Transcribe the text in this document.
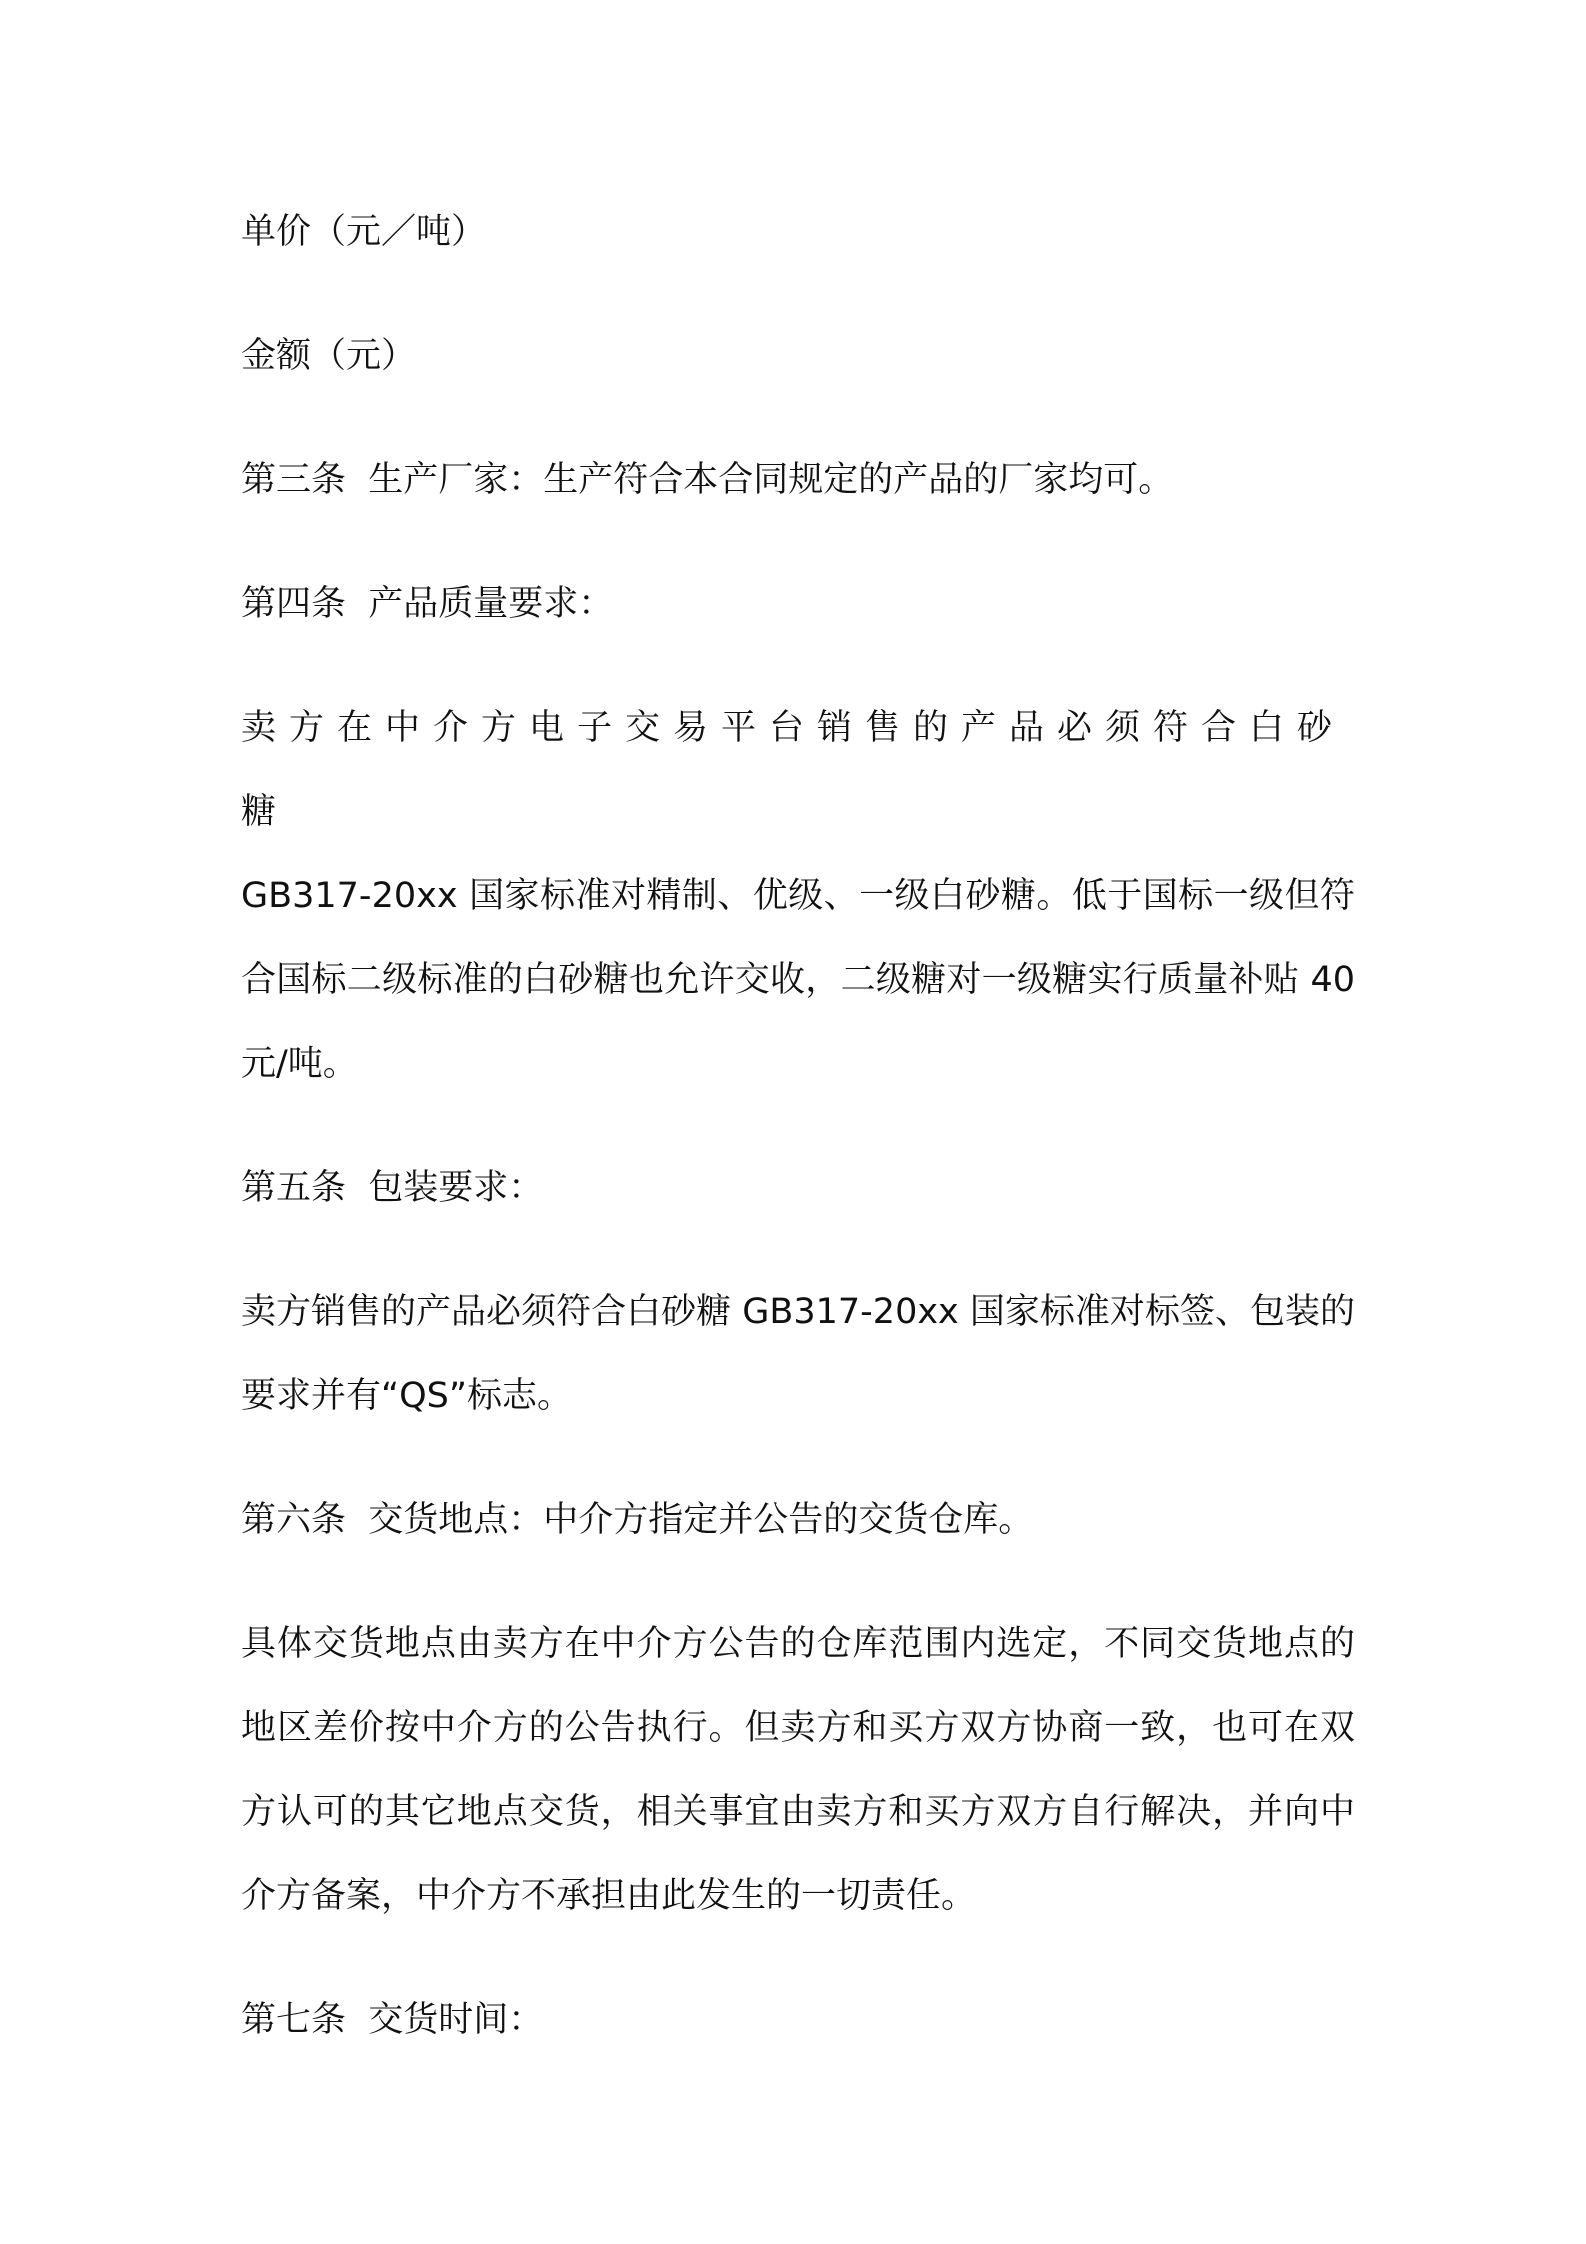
单价（元／吨）

金额（元）

第三条  生产厂家：生产符合本合同规定的产品的厂家均可。

第四条  产品质量要求：

卖方在中介方电子交易平台销售的产品必须符合白砂糖
GB317-20xx 国家标准对精制、优级、一级白砂糖。低于国标一级但符合国标二级标准的白砂糖也允许交收，二级糖对一级糖实行质量补贴 40 元/吨。

第五条  包装要求：

卖方销售的产品必须符合白砂糖 GB317-20xx 国家标准对标签、包装的要求并有“QS”标志。

第六条  交货地点：中介方指定并公告的交货仓库。

具体交货地点由卖方在中介方公告的仓库范围内选定，不同交货地点的地区差价按中介方的公告执行。但卖方和买方双方协商一致，也可在双方认可的其它地点交货，相关事宜由卖方和买方双方自行解决，并向中介方备案，中介方不承担由此发生的一切责任。

第七条  交货时间：
